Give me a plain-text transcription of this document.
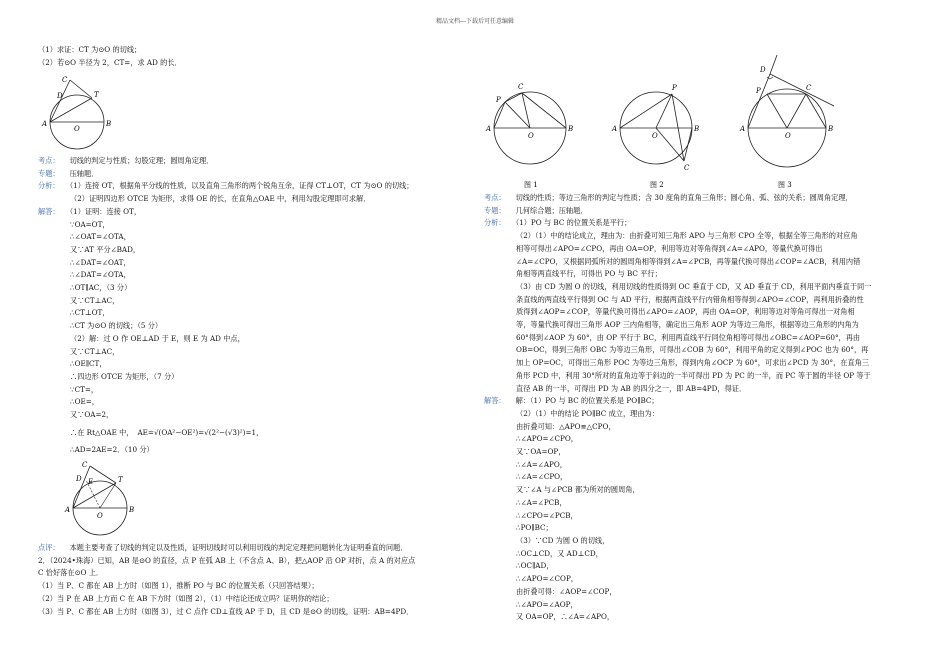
精品文档---下载后可任意编辑
（1）求证：CT 为⊙O 的切线；
（2）若⊙O 半径为 2，CT=，求 AD 的长．
C
D	T
A
O
B
考点： 切线的判定与性质；勾股定理；圆周角定理．
专题： 压轴题．
分析： （1）连接 OT，根据角平分线的性质，以及直角三角形的两个锐角互余，证得 CT⊥OT，CT 为⊙O 的切线；
（2）证明四边形 OTCE 为矩形，求得 OE 的长，在直角△OAE 中，利用勾股定理即可求解．
解答： （1）证明：连接 OT，
∵OA=OT，
∴∠OAT=∠OTA，
又∵AT 平分∠BAD，
∴∠DAT=∠OAT，
∴∠DAT=∠OTA，
∴OT∥AC，（3 分）
又∵CT⊥AC，
∴CT⊥OT，
∴CT 为⊙O 的切线；（5 分）
（2）解：过 O 作 OE⊥AD 于 E，则 E 为 AD 中点，
又∵CT⊥AC，
∴OE∥CT，
∴四边形 OTCE 为矩形，（7 分）
∵CT=，
∴OE=，
又∵OA=2，
∴在 Rt△OAE 中， AE=√(OA²−OE²)=√(2²−(√3)²)=1，
∴AD=2AE=2．（10 分）
C
D E	T
A
O
B
点评： 本题主要考查了切线的判定以及性质，证明切线时可以利用切线的判定定理把问题转化为证明垂直的问题．
2．（2024•珠海）已知，AB 是⊙O 的直径，点 P 在弧 AB 上（不含点 A、B），把△AOP 沿 OP 对折，点 A 的对应点
C 恰好落在⊙O 上．
（1）当 P、C 都在 AB 上方时（如图 1），推断 PO 与 BC 的位置关系（只回答结果）；
（2）当 P 在 AB 上方而 C 在 AB 下方时（如图 2），（1）中结论还成立吗？证明你的结论；
（3）当 P、C 都在 AB 上方时（如图 3），过 C 点作 CD⊥直线 AP 于 D，且 CD 是⊙O 的切线，证明：AB=4PD．
P
C
A
O
B
图 1
P
A
O
B
C
图 2
D
P	C
A
O
B
图 3
考点： 切线的性质；等边三角形的判定与性质；含 30 度角的直角三角形；圆心角、弧、弦的关系；圆周角定理．
专题： 几何综合题；压轴题．
分析： （1）PO 与 BC 的位置关系是平行；
（2）（1）中的结论成立，理由为：由折叠可知三角形 APO 与三角形 CPO 全等，根据全等三角形的对应角
相等可得出∠APO=∠CPO，再由 OA=OP，利用等边对等角得到∠A=∠APO，等量代换可得出
∠A=∠CPO，又根据同弧所对的圆周角相等得到∠A=∠PCB，再等量代换可得出∠COP=∠ACB，利用内错
角相等两直线平行，可得出 PO 与 BC 平行；
（3）由 CD 为圆 O 的切线，利用切线的性质得到 OC 垂直于 CD，又 AD 垂直于 CD，利用平面内垂直于同一
条直线的两直线平行得到 OC 与 AD 平行，根据两直线平行内错角相等得到∠APO=∠COP，再利用折叠的性
质得到∠AOP=∠COP，等量代换可得出∠APO=∠AOP，再由 OA=OP，利用等边对等角可得出一对角相
等，等量代换可得出三角形 AOP 三内角相等，确定出三角形 AOP 为等边三角形，根据等边三角形的内角为
60°得到∠AOP 为 60°，由 OP 平行于 BC，利用两直线平行同位角相等可得出∠OBC=∠AOP=60°，再由
OB=OC，得到三角形 OBC 为等边三角形，可得出∠COB 为 60°，利用平角的定义得到∠POC 也为 60°，再
加上 OP=OC，可得出三角形 POC 为等边三角形，得到内角∠OCP 为 60°，可求出∠PCD 为 30°，在直角三
角形 PCD 中，利用 30°所对的直角边等于斜边的一半可得出 PD 为 PC 的一半，而 PC 等于圆的半径 OP 等于
直径 AB 的一半，可得出 PD 为 AB 的四分之一，即 AB=4PD，得证．
解答： 解：（1）PO 与 BC 的位置关系是 PO∥BC；
（2）（1）中的结论 PO∥BC 成立，理由为：
由折叠可知：△APO≌△CPO，
∴∠APO=∠CPO，
又∵OA=OP，
∴∠A=∠APO，
∴∠A=∠CPO，
又∵∠A 与∠PCB 都为所对的圆周角，
∴∠A=∠PCB，
∴∠CPO=∠PCB，
∴PO∥BC；
（3）∵CD 为圆 O 的切线，
∴OC⊥CD，又 AD⊥CD，
∴OC∥AD，
∴∠APO=∠COP，
由折叠可得：∠AOP=∠COP，
∴∠APO=∠AOP，
又 OA=OP，∴∠A=∠APO，
